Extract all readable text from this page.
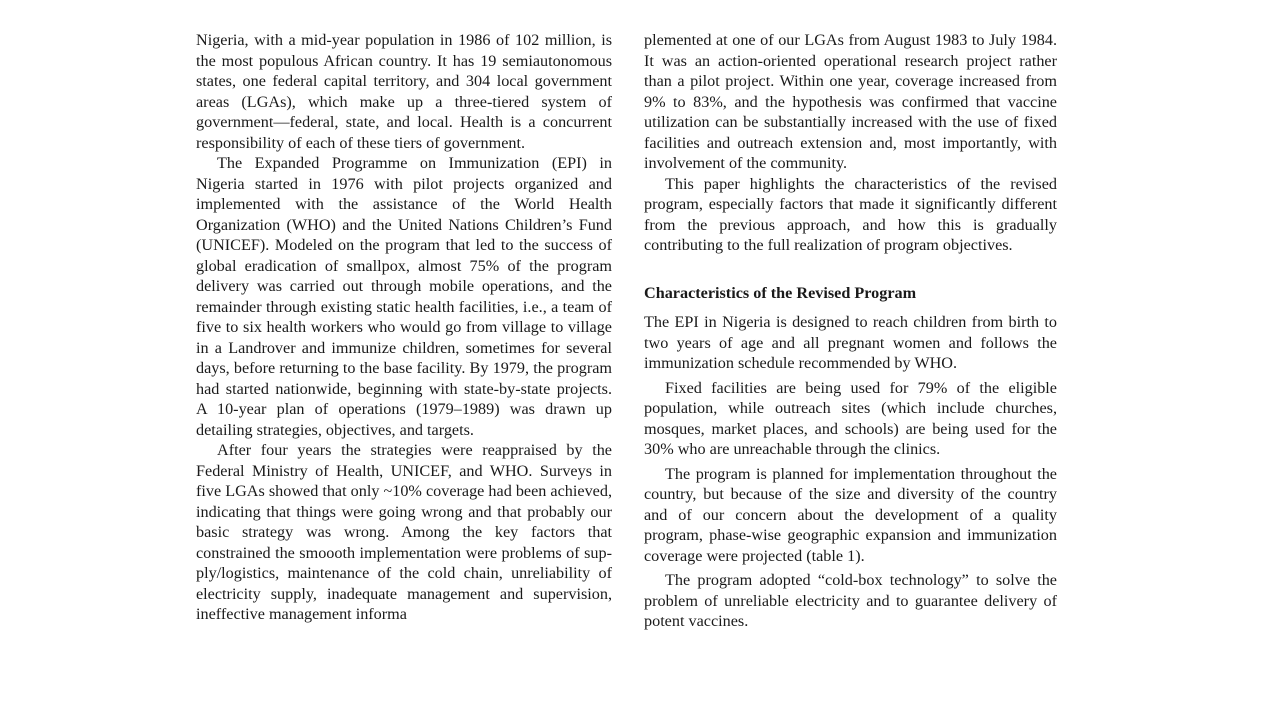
Nigeria, with a mid-year population in 1986 of 102 million, is the most populous African country. It has 19 semiautonomous states, one federal capital territory, and 304 local government areas (LGAs), which make up a three-tiered system of government—federal, state, and local. Health is a concurrent responsibility of each of these tiers of government.

The Expanded Programme on Immunization (EPI) in Nigeria started in 1976 with pilot projects organized and implemented with the assistance of the World Health Organization (WHO) and the United Nations Children’s Fund (UNICEF). Modeled on the program that led to the success of global eradication of smallpox, almost 75% of the program delivery was carried out through mobile operations, and the remainder through existing static health facilities, i.e., a team of five to six health workers who would go from village to village in a Landrover and immunize children, sometimes for several days, before returning to the base facility. By 1979, the program had started nationwide, beginning with state-by-state projects. A 10-year plan of operations (1979–1989) was drawn up detailing strategies, objectives, and targets.

After four years the strategies were reappraised by the Federal Ministry of Health, UNICEF, and WHO. Surveys in five LGAs showed that only ~10% coverage had been achieved, indicating that things were going wrong and that probably our basic strategy was wrong. Among the key factors that constrained the smoooth implementation were problems of supply/logistics, maintenance of the cold chain, unreliability of electricity supply, inadequate management and supervision, ineffective management informa

plemented at one of our LGAs from August 1983 to July 1984. It was an action-oriented operational research project rather than a pilot project. Within one year, coverage increased from 9% to 83%, and the hypothesis was confirmed that vaccine utilization can be substantially increased with the use of fixed facilities and outreach extension and, most importantly, with involvement of the community.

This paper highlights the characteristics of the revised program, especially factors that made it significantly different from the previous approach, and how this is gradually contributing to the full realization of program objectives.

Characteristics of the Revised Program

The EPI in Nigeria is designed to reach children from birth to two years of age and all pregnant women and follows the immunization schedule recommended by WHO.

Fixed facilities are being used for 79% of the eligible population, while outreach sites (which include churches, mosques, market places, and schools) are being used for the 30% who are unreachable through the clinics.

The program is planned for implementation throughout the country, but because of the size and diversity of the country and of our concern about the development of a quality program, phase-wise geographic expansion and immunization coverage were projected (table 1).

The program adopted “cold-box technology” to solve the problem of unreliable electricity and to guarantee delivery of potent vaccines.
